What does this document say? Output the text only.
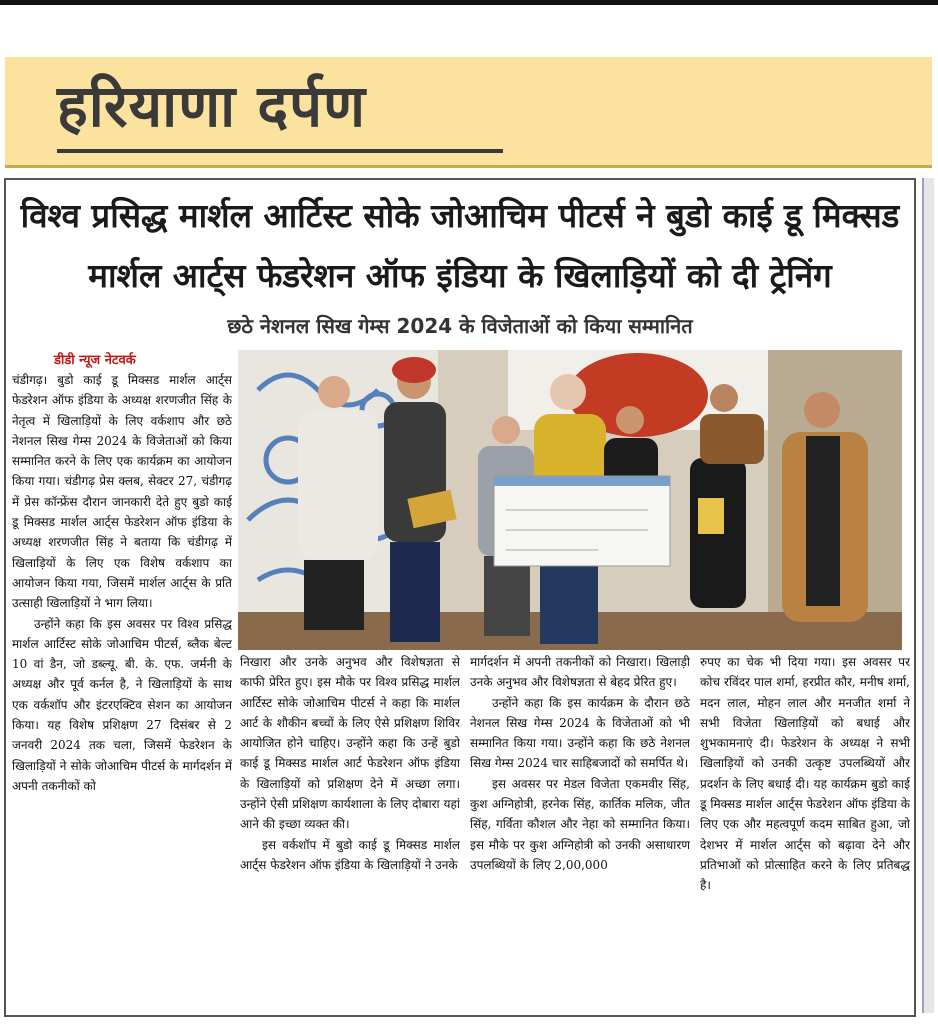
हरियाणा दर्पण
विश्व प्रसिद्ध मार्शल आर्टिस्ट सोके जोआचिम पीटर्स ने बुडो काई डू मिक्सड
मार्शल आर्ट्स फेडरेशन ऑफ इंडिया के खिलाड़ियों को दी ट्रेनिंग
छठे नेशनल सिख गेम्स 2024 के विजेताओं को किया सम्मानित
डीडी न्यूज नेटवर्क

चंडीगढ़। बुडो काई डू मिक्सड मार्शल आर्ट्स फेडरेशन ऑफ इंडिया के अध्यक्ष शरणजीत सिंह के नेतृत्व में खिलाड़ियों के लिए वर्कशाप और छठे नेशनल सिख गेम्स 2024 के विजेताओं को किया सम्मानित करने के लिए एक कार्यक्रम का आयोजन किया गया। चंडीगढ़ प्रेस क्लब, सेक्टर 27, चंडीगढ़ में प्रेस कॉन्फ्रेंस दौरान जानकारी देते हुए बुडो काई डू मिक्सड मार्शल आर्ट्स फेडरेशन ऑफ इंडिया के अध्यक्ष शरणजीत सिंह ने बताया कि चंडीगढ़ में खिलाड़ियों के लिए एक विशेष वर्कशाप का आयोजन किया गया, जिसमें मार्शल आर्ट्स के प्रति उत्साही खिलाड़ियों ने भाग लिया।

उन्होंने कहा कि इस अवसर पर विश्व प्रसिद्ध मार्शल आर्टिस्ट सोके जोआचिम पीटर्स, ब्लैक बेल्ट 10 वां डैन, जो डब्ल्यू. बी. के. एफ. जर्मनी के अध्यक्ष और पूर्व कर्नल है, ने खिलाड़ियों के साथ एक वर्कशॉप और इंटरएक्टिव सेशन का आयोजन किया। यह विशेष प्रशिक्षण 27 दिसंबर से 2 जनवरी 2024 तक चला, जिसमें फेडरेशन के खिलाड़ियों ने सोके जोआचिम पीटर्स के मार्गदर्शन में अपनी तकनीकों को

निखारा और उनके अनुभव और विशेषज्ञता से काफी प्रेरित हुए। इस मौके पर विश्व प्रसिद्ध मार्शल आर्टिस्ट सोके जोआचिम पीटर्स ने कहा कि मार्शल आर्ट के शौकीन बच्चों के लिए ऐसे प्रशिक्षण शिविर आयोजित होने चाहिए। उन्होंने कहा कि उन्हें बुडो काई डू मिक्सड मार्शल आर्ट फेडरेशन ऑफ इंडिया के खिलाड़ियों को प्रशिक्षण देने में अच्छा लगा। उन्होंने ऐसी प्रशिक्षण कार्यशाला के लिए दोबारा यहां आने की इच्छा व्यक्त की।

इस वर्कशॉप में बुडो काई डू मिक्सड मार्शल आर्ट्स फेडरेशन ऑफ इंडिया के खिलाड़ियों ने उनके

मार्गदर्शन में अपनी तकनीकों को निखारा। खिलाड़ी उनके अनुभव और विशेषज्ञता से बेहद प्रेरित हुए।

उन्होंने कहा कि इस कार्यक्रम के दौरान छठे नेशनल सिख गेम्स 2024 के विजेताओं को भी सम्मानित किया गया। उन्होंने कहा कि छठे नेशनल सिख गेम्स 2024 चार साहिबजादों को समर्पित थे।

इस अवसर पर मेडल विजेता एकमवीर सिंह, कुश अग्निहोत्री, हरनेक सिंह, कार्तिक मलिक, जीत सिंह, गर्विता कौशल और नेहा को सम्मानित किया। इस मौके पर कुश अग्निहोत्री को उनकी असाधारण उपलब्धियों के लिए 2,00,000

रुपए का चेक भी दिया गया। इस अवसर पर कोच रविंदर पाल शर्मा, हरप्रीत कौर, मनीष शर्मा, मदन लाल, मोहन लाल और मनजीत शर्मा ने सभी विजेता खिलाड़ियों को बधाई और शुभकामनाएं दी। फेडरेशन के अध्यक्ष ने सभी खिलाड़ियों को उनकी उत्कृष्ट उपलब्धियों और प्रदर्शन के लिए बधाई दी। यह कार्यक्रम बुडो काई डू मिक्सड मार्शल आर्ट्स फेडरेशन ऑफ इंडिया के लिए एक और महत्वपूर्ण कदम साबित हुआ, जो देशभर में मार्शल आर्ट्स को बढ़ावा देने और प्रतिभाओं को प्रोत्साहित करने के लिए प्रतिबद्ध है।
